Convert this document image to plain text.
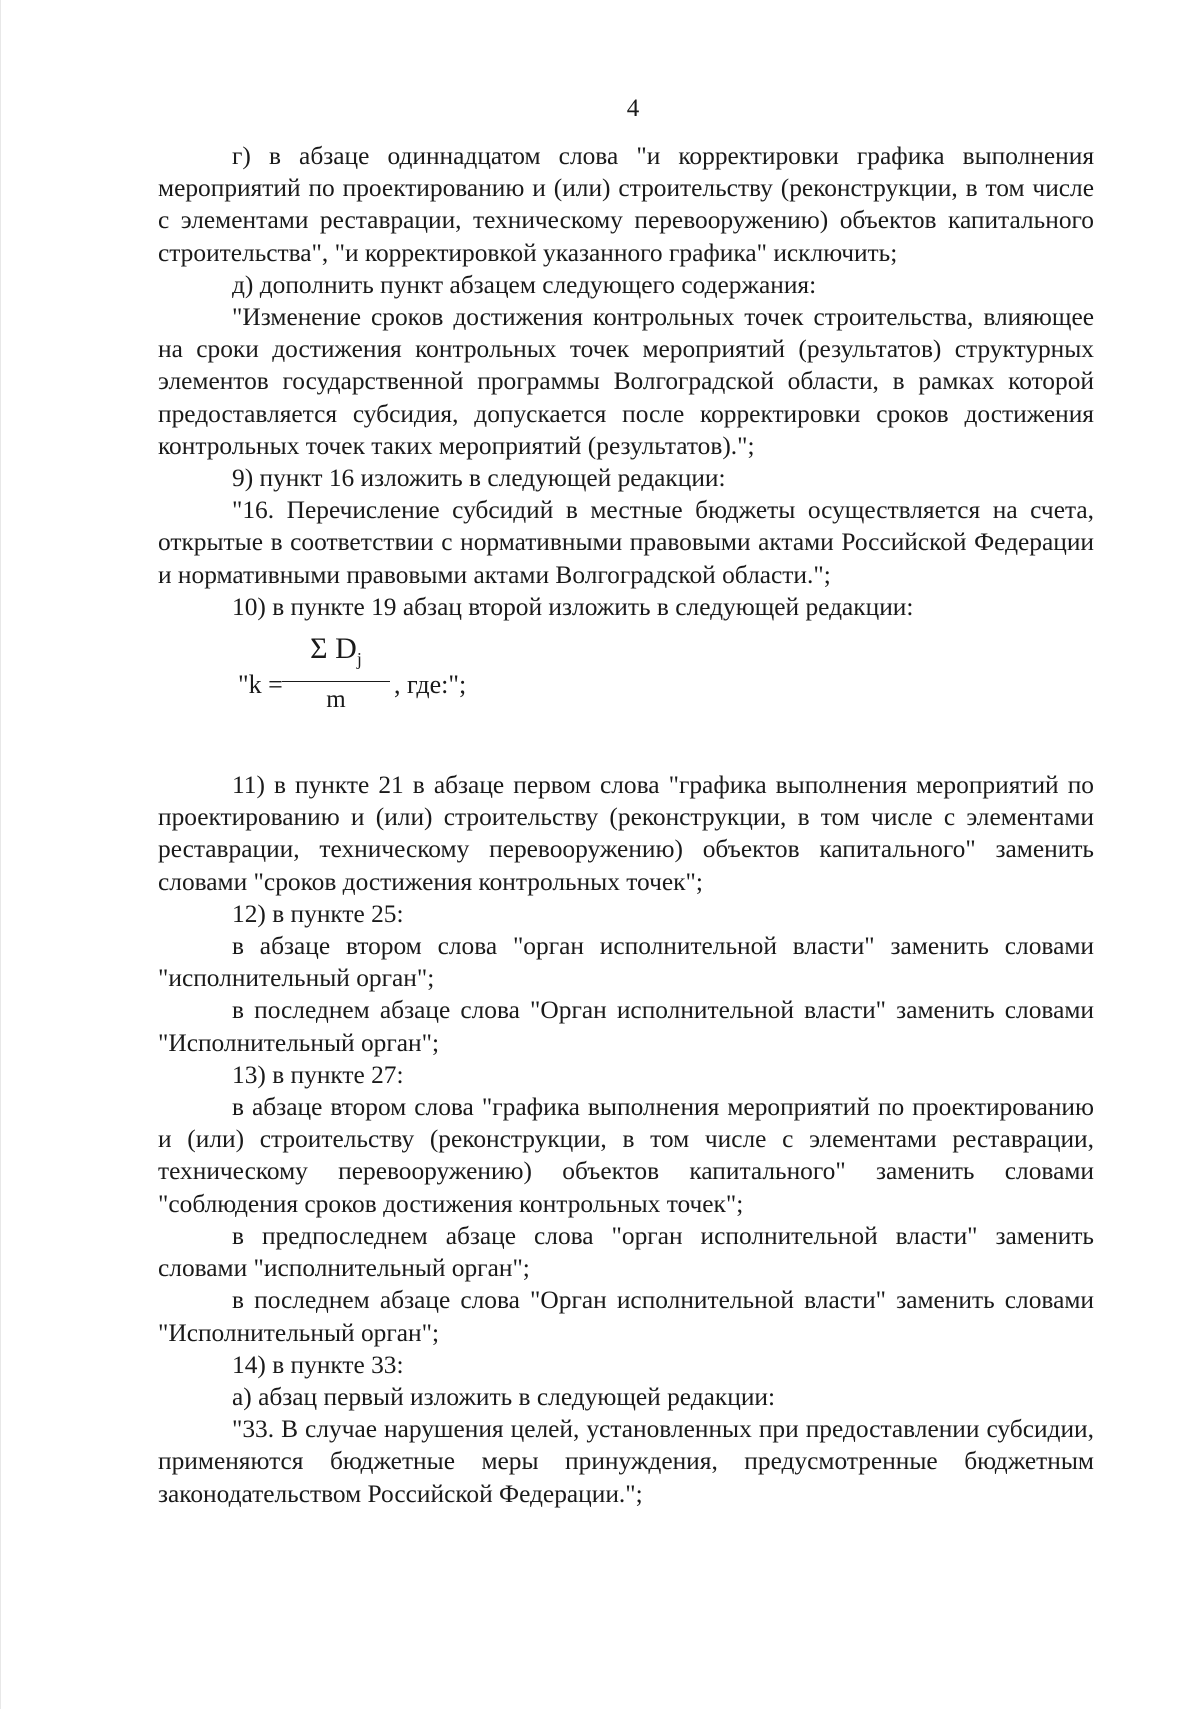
4

г) в абзаце одиннадцатом слова "и корректировки графика выполнения мероприятий по проектированию и (или) строительству (реконструкции, в том числе с элементами реставрации, техническому перевооружению) объектов капитального строительства", "и корректировкой указанного графика" исключить;

д) дополнить пункт абзацем следующего содержания:

"Изменение сроков достижения контрольных точек строительства, влияющее на сроки достижения контрольных точек мероприятий (результатов) структурных элементов государственной программы Волгоградской области, в рамках которой предоставляется субсидия, допускается после корректировки сроков достижения контрольных точек таких мероприятий (результатов).";

9) пункт 16 изложить в следующей редакции:

"16. Перечисление субсидий в местные бюджеты осуществляется на счета, открытые в соответствии с нормативными правовыми актами Российской Федерации и нормативными правовыми актами Волгоградской области.";

10) в пункте 19 абзац второй изложить в следующей редакции:

"k =
Σ $D_j$
m
, где:";

11) в пункте 21 в абзаце первом слова "графика выполнения мероприятий по проектированию и (или) строительству (реконструкции, в том числе с элементами реставрации, техническому перевооружению) объектов капитального" заменить словами "сроков достижения контрольных точек";

12) в пункте 25:

в абзаце втором слова "орган исполнительной власти" заменить словами "исполнительный орган";

в последнем абзаце слова "Орган исполнительной власти" заменить словами "Исполнительный орган";

13) в пункте 27:

в абзаце втором слова "графика выполнения мероприятий по проектированию и (или) строительству (реконструкции, в том числе с элементами реставрации, техническому перевооружению) объектов капитального" заменить словами "соблюдения сроков достижения контрольных точек";

в предпоследнем абзаце слова "орган исполнительной власти" заменить словами "исполнительный орган";

в последнем абзаце слова "Орган исполнительной власти" заменить словами "Исполнительный орган";

14) в пункте 33:

а) абзац первый изложить в следующей редакции:

"33. В случае нарушения целей, установленных при предоставлении субсидии, применяются бюджетные меры принуждения, предусмотренные бюджетным законодательством Российской Федерации.";
